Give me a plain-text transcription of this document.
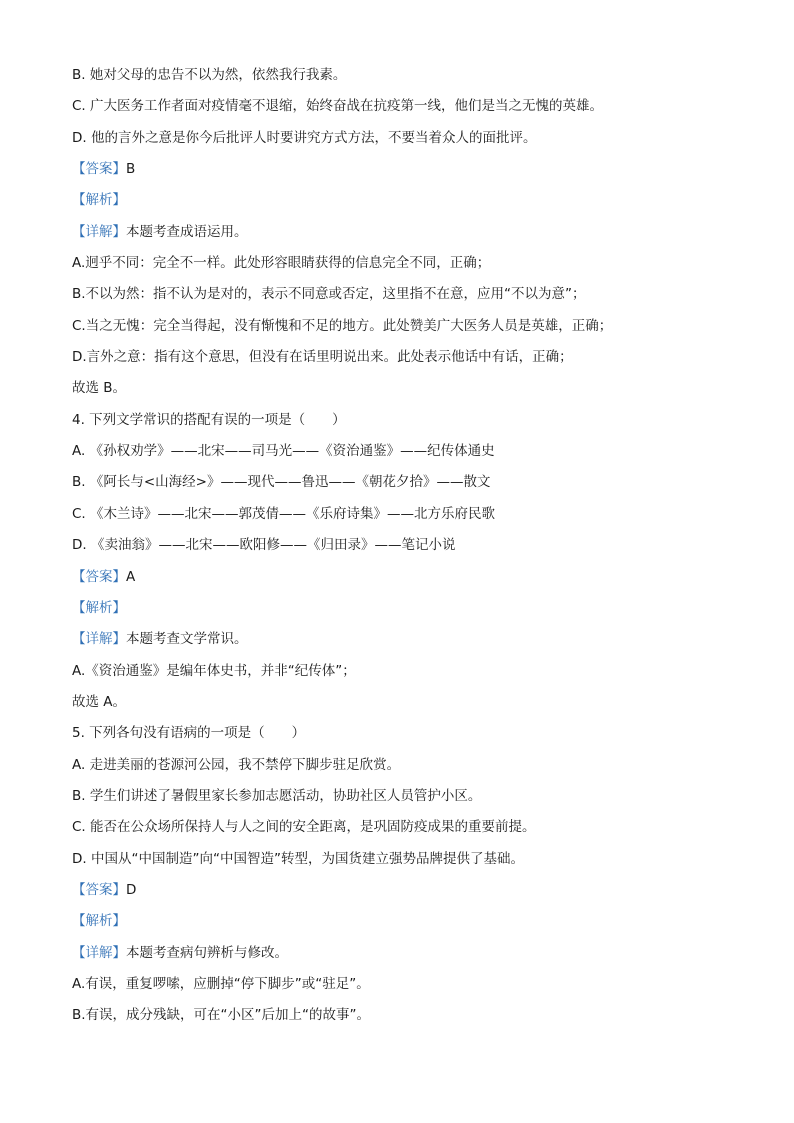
B. 她对父母的忠告不以为然，依然我行我素。
C. 广大医务工作者面对疫情毫不退缩，始终奋战在抗疫第一线，他们是当之无愧的英雄。
D. 他的言外之意是你今后批评人时要讲究方式方法，不要当着众人的面批评。
【答案】B
【解析】
【详解】本题考查成语运用。
A.迥乎不同：完全不一样。此处形容眼睛获得的信息完全不同，正确；
B.不以为然：指不认为是对的，表示不同意或否定，这里指不在意，应用“不以为意”；
C.当之无愧：完全当得起，没有惭愧和不足的地方。此处赞美广大医务人员是英雄，正确；
D.言外之意：指有这个意思，但没有在话里明说出来。此处表示他话中有话，正确；
故选 B。
4. 下列文学常识的搭配有误的一项是（　　）
A. 《孙权劝学》——北宋——司马光——《资治通鉴》——纪传体通史
B. 《阿长与<山海经>》——现代——鲁迅——《朝花夕拾》——散文
C. 《木兰诗》——北宋——郭茂倩——《乐府诗集》——北方乐府民歌
D. 《卖油翁》——北宋——欧阳修——《归田录》——笔记小说
【答案】A
【解析】
【详解】本题考查文学常识。
A.《资治通鉴》是编年体史书，并非“纪传体”；
故选 A。
5. 下列各句没有语病的一项是（　　）
A. 走进美丽的苍源河公园，我不禁停下脚步驻足欣赏。
B. 学生们讲述了暑假里家长参加志愿活动，协助社区人员管护小区。
C. 能否在公众场所保持人与人之间的安全距离，是巩固防疫成果的重要前提。
D. 中国从“中国制造”向“中国智造”转型，为国货建立强势品牌提供了基础。
【答案】D
【解析】
【详解】本题考查病句辨析与修改。
A.有误，重复啰嗦，应删掉“停下脚步”或“驻足”。
B.有误，成分残缺，可在“小区”后加上“的故事”。
